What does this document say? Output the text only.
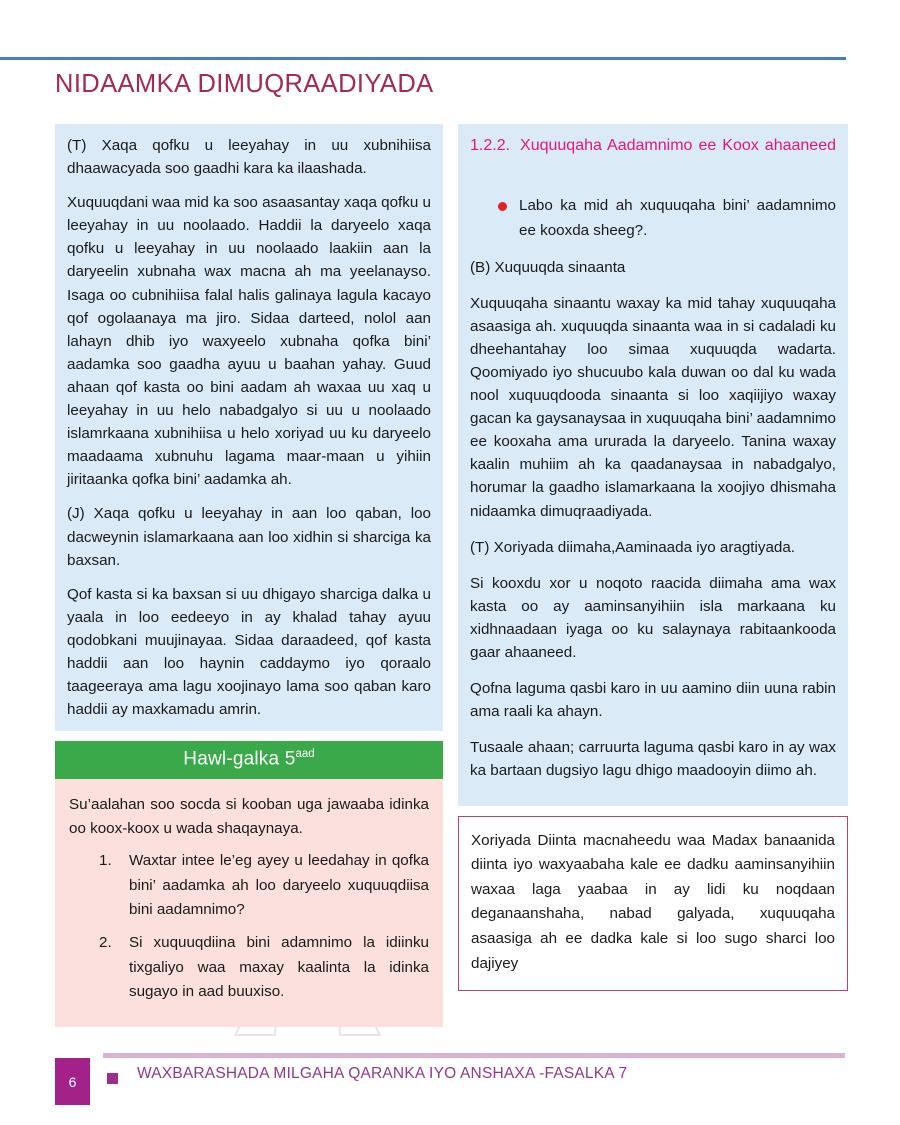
NIDAAMKA DIMUQRAADIYADA

(T) Xaqa qofku u leeyahay in uu xubnihiisa dhaawacyada soo gaadhi kara ka ilaashada.

Xuquuqdani waa mid ka soo asaasantay xaqa qofku u leeyahay in uu noolaado. Haddii la daryeelo xaqa qofku u leeyahay in uu noolaado laakiin aan la daryeelin xubnaha wax macna ah ma yeelanayso. Isaga oo cubnihiisa falal halis galinaya lagula kacayo qof ogolaanaya ma jiro. Sidaa darteed, nolol aan lahayn dhib iyo waxyeelo xubnaha qofka bini’ aadamka soo gaadha ayuu u baahan yahay. Guud ahaan qof kasta oo bini aadam ah waxaa uu xaq u leeyahay in uu helo nabadgalyo si uu u noolaado islamrkaana xubnihiisa u helo xoriyad uu ku daryeelo maadaama xubnuhu lagama maar-maan u yihiin jiritaanka qofka bini’ aadamka ah.

(J) Xaqa qofku u leeyahay in aan loo qaban, loo dacweynin islamarkaana aan loo xidhin si sharciga ka baxsan.

Qof kasta si ka baxsan si uu dhigayo sharciga dalka u yaala in loo eedeeyo in ay khalad tahay ayuu qodobkani muujinayaa. Sidaa daraadeed, qof kasta haddii aan loo haynin caddaymo iyo qoraalo taageeraya ama lagu xoojinayo lama soo qaban karo haddii ay maxkamadu amrin.

Hawl-galka $5^{aad}$

Su’aalahan soo socda si kooban uga jawaaba idinka oo koox-koox u wada shaqaynaya.

Waxtar intee le’eg ayey u leedahay in qofka bini’ aadamka ah loo daryeelo xuquuqdiisa bini aadamnimo?
Si xuquuqdiina bini adamnimo la idiinku tixgaliyo waa maxay kaalinta la idinka sugayo in aad buuxiso.
1.2.2. Xuquuqaha Aadamnimo ee Koox ahaaneed
Labo ka mid ah xuquuqaha bini’ aadamnimo ee kooxda sheeg?.

(B) Xuquuqda sinaanta

Xuquuqaha sinaantu waxay ka mid tahay xuquuqaha asaasiga ah. xuquuqda sinaanta waa in si cadaladi ku dheehantahay loo simaa xuquuqda wadarta. Qoomiyado iyo shucuubo kala duwan oo dal ku wada nool xuquuqdooda sinaanta si loo xaqiijiyo waxay gacan ka gaysanaysaa in xuquuqaha bini’ aadamnimo ee kooxaha ama ururada la daryeelo. Tanina waxay kaalin muhiim ah ka qaadanaysaa in nabadgalyo, horumar la gaadho islamarkaana la xoojiyo dhismaha nidaamka dimuqraadiyada.

(T) Xoriyada diimaha,Aaminaada iyo aragtiyada.

Si kooxdu xor u noqoto raacida diimaha ama wax kasta oo ay aaminsanyihiin isla markaana ku xidhnaadaan iyaga oo ku salaynaya rabitaankooda gaar ahaaneed.

Qofna laguma qasbi karo in uu aamino diin uuna rabin ama raali ka ahayn.

Tusaale ahaan; carruurta laguma qasbi karo in ay wax ka bartaan dugsiyo lagu dhigo maadooyin diimo ah.

Xoriyada Diinta macnaheedu waa Madax banaanida diinta iyo waxyaabaha kale ee dadku aaminsanyihiin waxaa laga yaabaa in ay lidi ku noqdaan deganaanshaha, nabad galyada, xuquuqaha asaasiga ah ee dadka kale si loo sugo sharci loo dajiyey

6	WAXBARASHADA MILGAHA QARANKA IYO ANSHAXA -FASALKA 7
